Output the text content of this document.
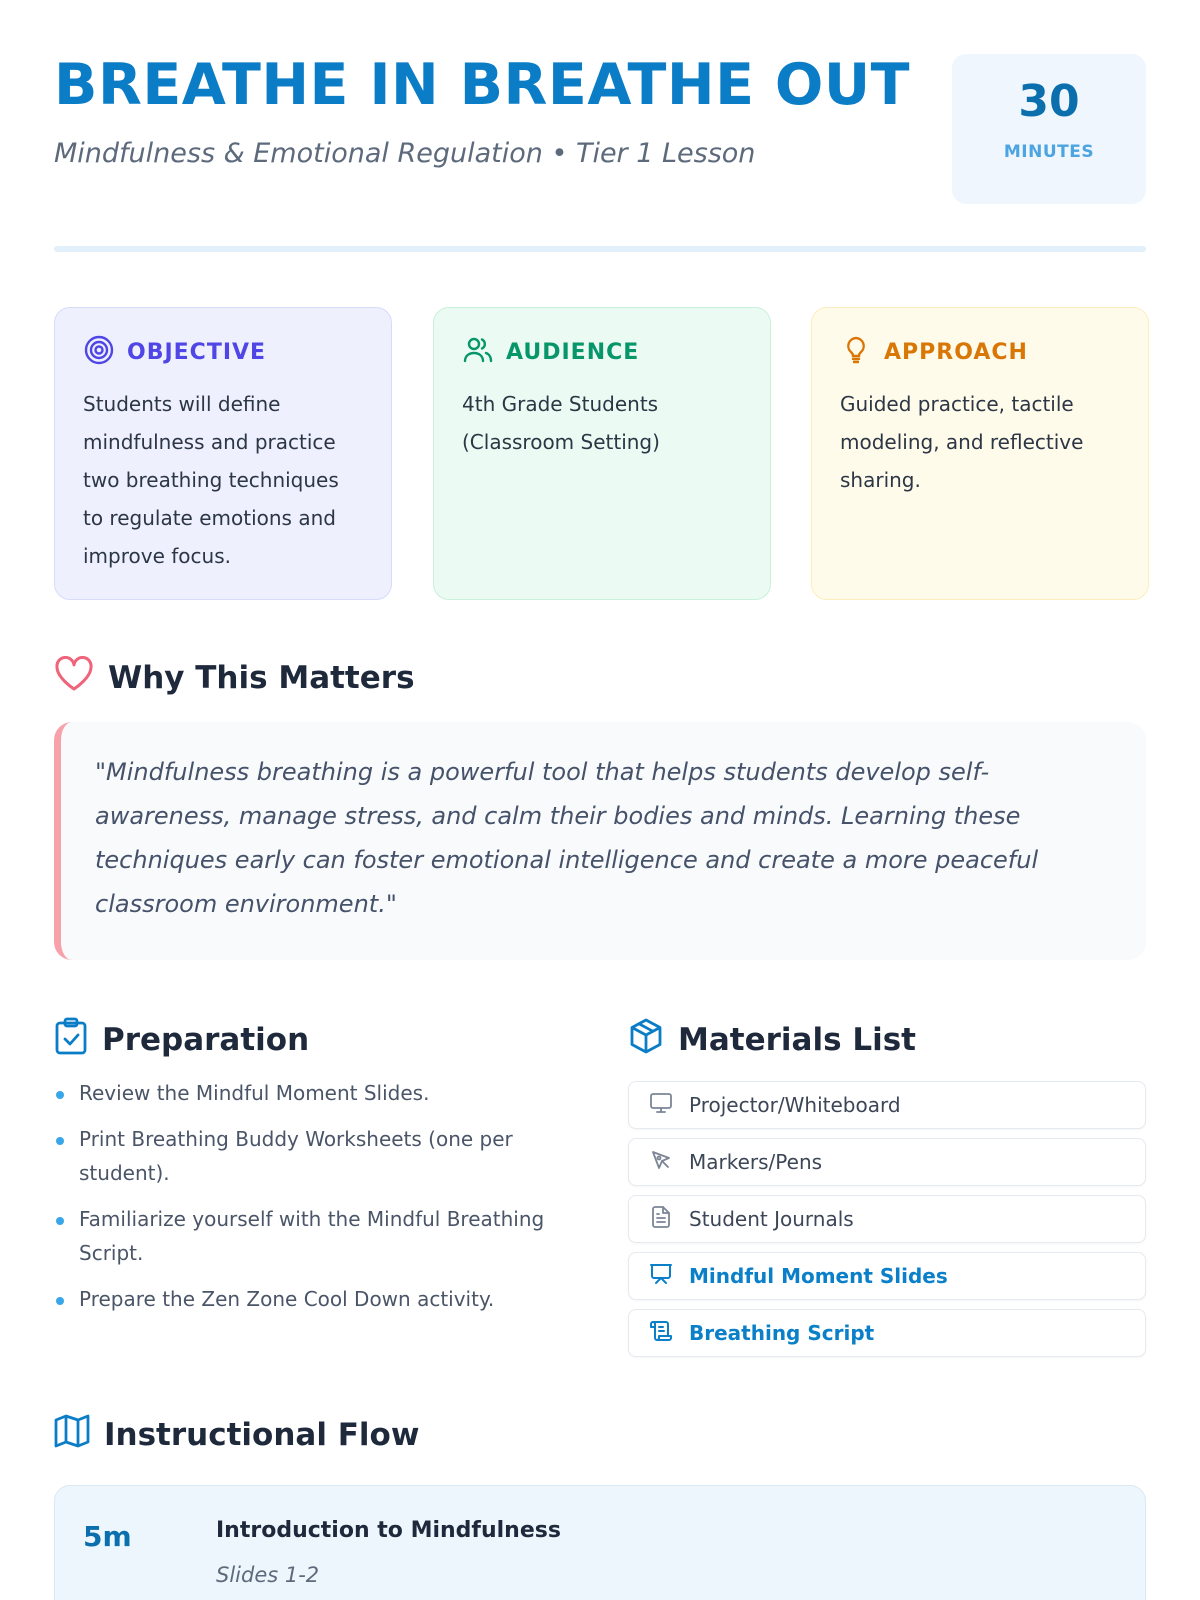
BREATHE IN BREATHE OUT
Mindfulness & Emotional Regulation • Tier 1 Lesson
30
MINUTES
OBJECTIVE
Students will define mindfulness and practice two breathing techniques to regulate emotions and improve focus.
AUDIENCE
4th Grade Students (Classroom Setting)
APPROACH
Guided practice, tactile modeling, and reflective sharing.
Why This Matters

"Mindfulness breathing is a powerful tool that helps students develop self-awareness, manage stress, and calm their bodies and minds. Learning these techniques early can foster emotional intelligence and create a more peaceful classroom environment."

Preparation
Review the Mindful Moment Slides.
Print Breathing Buddy Worksheets (one per student).
Familiarize yourself with the Mindful Breathing Script.
Prepare the Zen Zone Cool Down activity.
Materials List
Projector/Whiteboard
Markers/Pens
Student Journals
Mindful Moment Slides
Breathing Script
Instructional Flow
5m	Introduction to Mindfulness
Slides 1-2
